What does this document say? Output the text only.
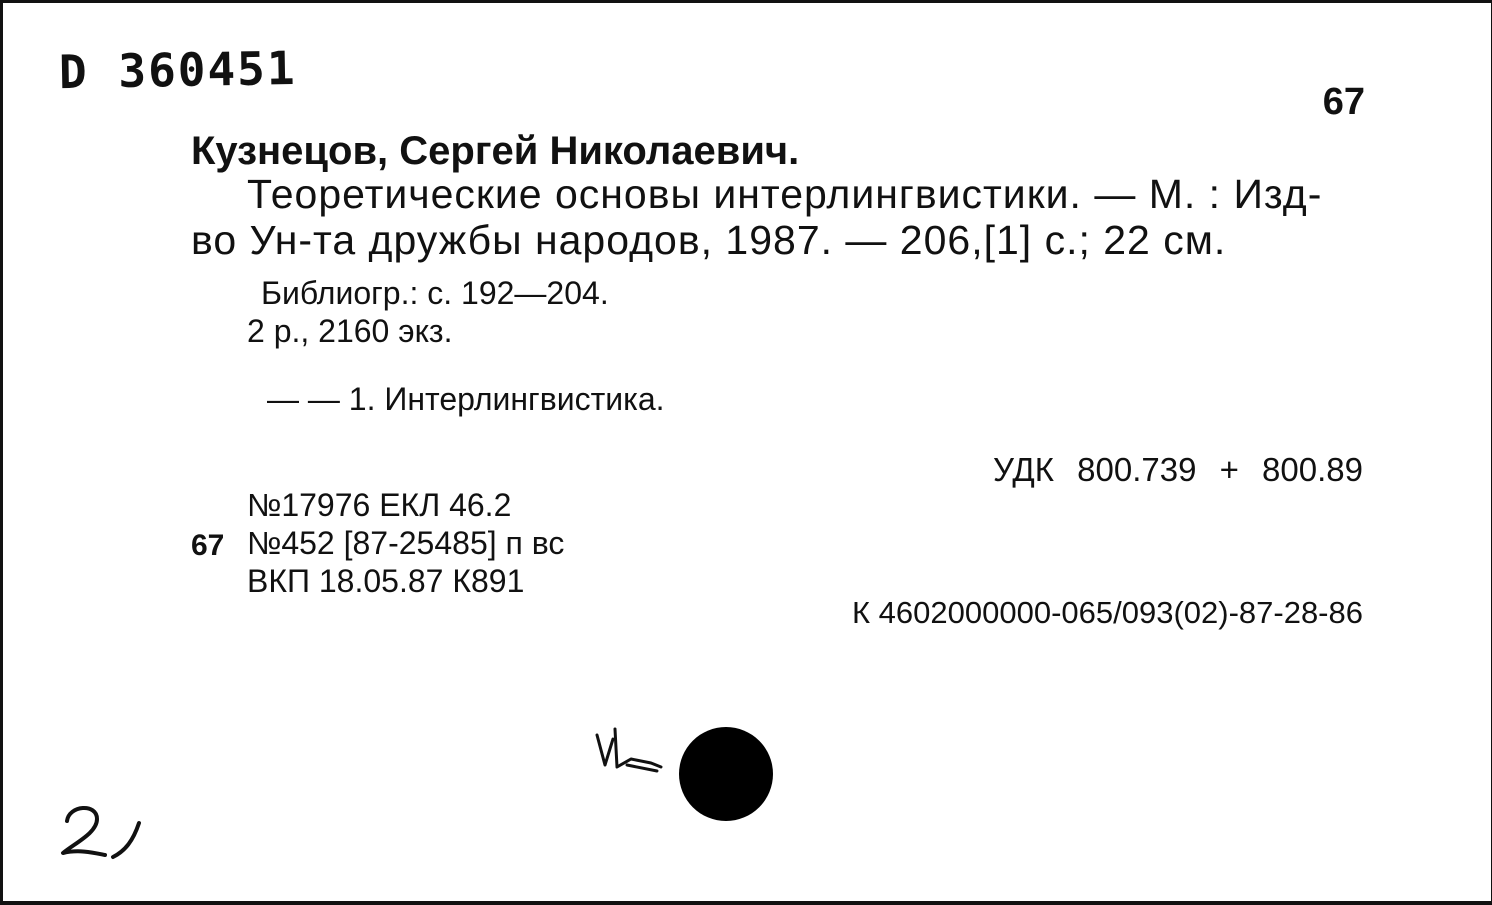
D 360451
67
Кузнецов, Сергей Николаевич.
Теоретические основы интерлингвистики. — М. : Изд-
во Ун-та дружбы народов, 1987. — 206,[1] с.; 22 см.
Библиогр.: с. 192—204.
2 р., 2160 экз.
— — 1. Интерлингвистика.
УДК 800.739 + 800.89
№17976 ЕКЛ 46.2
67 №452 [87-25485] п вс
ВКП 18.05.87 К891
К 4602000000-065/093(02)-87-28-86
